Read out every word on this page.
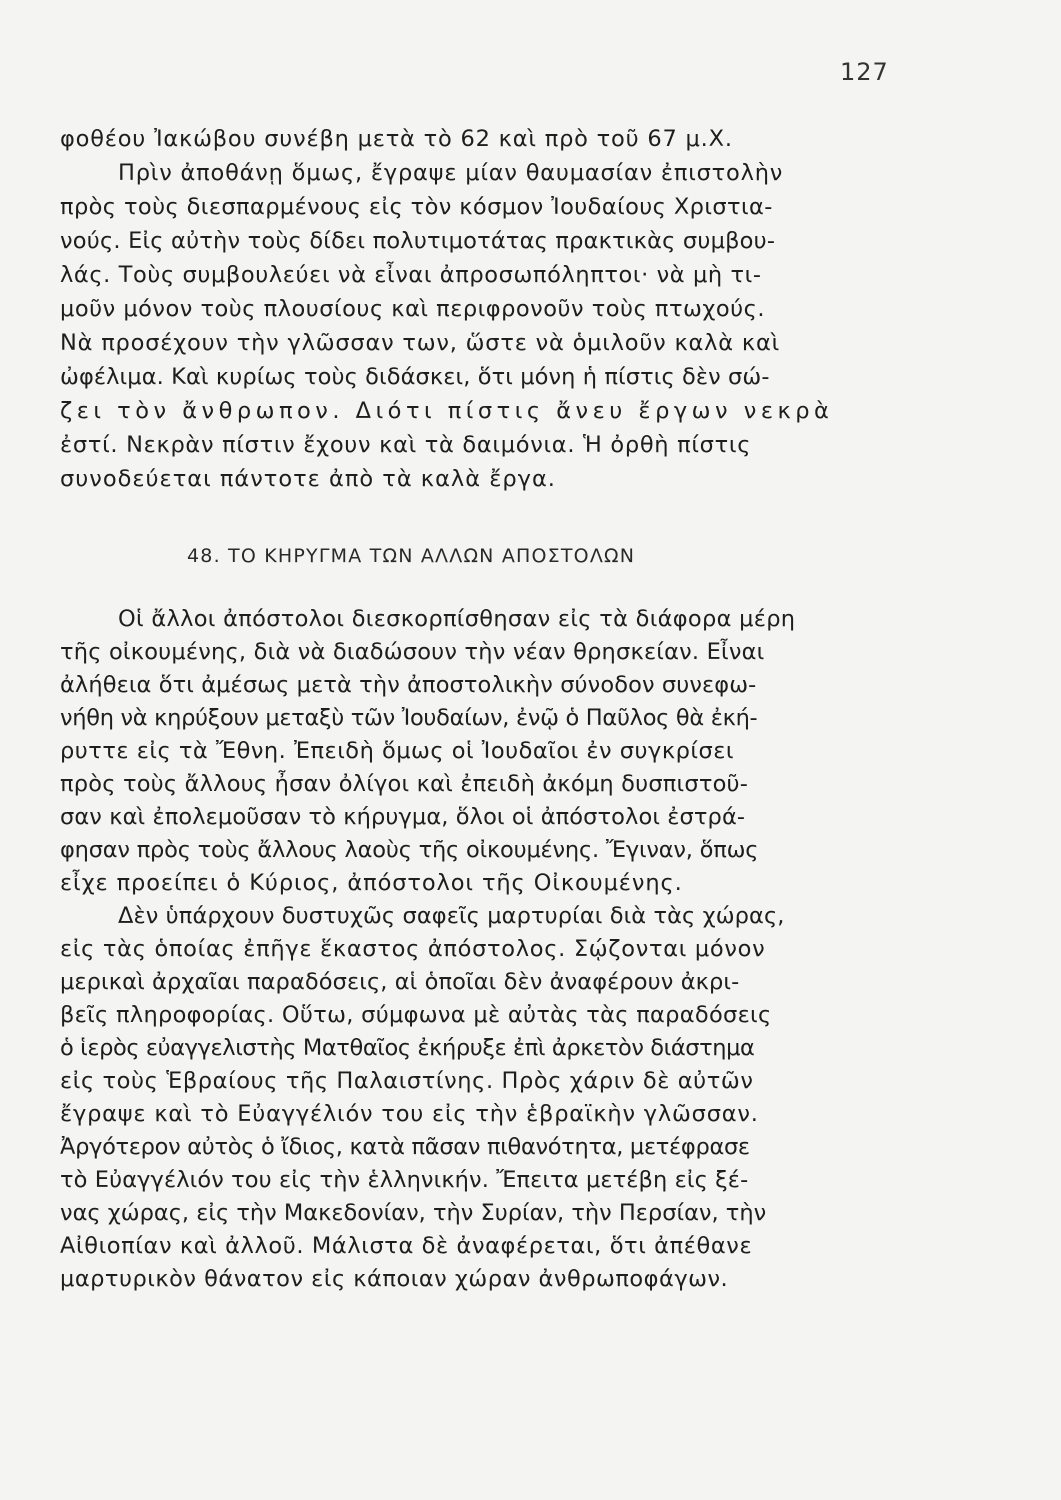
127
φοθέου Ἰακώβου συνέβη μετὰ τὸ 62 καὶ πρὸ τοῦ 67 μ.Χ.
Πρὶν ἀποθάνῃ ὅμως, ἔγραψε μίαν θαυμασίαν ἐπιστολὴν
πρὸς τοὺς διεσπαρμένους εἰς τὸν κόσμον Ἰουδαίους Χριστια-
νούς. Εἰς αὐτὴν τοὺς δίδει πολυτιμοτάτας πρακτικὰς συμβου-
λάς. Τοὺς συμβουλεύει νὰ εἶναι ἀπροσωπόληπτοι· νὰ μὴ τι-
μοῦν μόνον τοὺς πλουσίους καὶ περιφρονοῦν τοὺς πτωχούς.
Νὰ προσέχουν τὴν γλῶσσαν των, ὥστε νὰ ὁμιλοῦν καλὰ καὶ
ὠφέλιμα. Καὶ κυρίως τοὺς διδάσκει, ὅτι μόνη ἡ πίστις δὲν σώ-
ζει τὸν ἄνθρωπον. Διότι πίστις ἄνευ ἔργων νεκρὰ
ἐστί. Νεκρὰν πίστιν ἔχουν καὶ τὰ δαιμόνια. Ἡ ὀρθὴ πίστις
συνοδεύεται πάντοτε ἀπὸ τὰ καλὰ ἔργα.
48. ΤΟ ΚΗΡΥΓΜΑ ΤΩΝ ΑΛΛΩΝ ΑΠΟΣΤΟΛΩΝ
Οἱ ἄλλοι ἀπόστολοι διεσκορπίσθησαν εἰς τὰ διάφορα μέρη
τῆς οἰκουμένης, διὰ νὰ διαδώσουν τὴν νέαν θρησκείαν. Εἶναι
ἀλήθεια ὅτι ἀμέσως μετὰ τὴν ἀποστολικὴν σύνοδον συνεφω-
νήθη νὰ κηρύξουν μεταξὺ τῶν Ἰουδαίων, ἐνῷ ὁ Παῦλος θὰ ἐκή-
ρυττε εἰς τὰ Ἔθνη. Ἐπειδὴ ὅμως οἱ Ἰουδαῖοι ἐν συγκρίσει
πρὸς τοὺς ἄλλους ἦσαν ὀλίγοι καὶ ἐπειδὴ ἀκόμη δυσπιστοῦ-
σαν καὶ ἐπολεμοῦσαν τὸ κήρυγμα, ὅλοι οἱ ἀπόστολοι ἐστρά-
φησαν πρὸς τοὺς ἄλλους λαοὺς τῆς οἰκουμένης. Ἔγιναν, ὅπως
εἶχε προείπει ὁ Κύριος, ἀπόστολοι τῆς Οἰκουμένης.
Δὲν ὑπάρχουν δυστυχῶς σαφεῖς μαρτυρίαι διὰ τὰς χώρας,
εἰς τὰς ὁποίας ἐπῆγε ἕκαστος ἀπόστολος. Σῴζονται μόνον
μερικαὶ ἀρχαῖαι παραδόσεις, αἱ ὁποῖαι δὲν ἀναφέρουν ἀκρι-
βεῖς πληροφορίας. Οὕτω, σύμφωνα μὲ αὐτὰς τὰς παραδόσεις
ὁ ἱερὸς εὐαγγελιστὴς Ματθαῖος ἐκήρυξε ἐπὶ ἀρκετὸν διάστημα
εἰς τοὺς Ἑβραίους τῆς Παλαιστίνης. Πρὸς χάριν δὲ αὐτῶν
ἔγραψε καὶ τὸ Εὐαγγέλιόν του εἰς τὴν ἑβραϊκὴν γλῶσσαν.
Ἀργότερον αὐτὸς ὁ ἴδιος, κατὰ πᾶσαν πιθανότητα, μετέφρασε
τὸ Εὐαγγέλιόν του εἰς τὴν ἑλληνικήν. Ἔπειτα μετέβη εἰς ξέ-
νας χώρας, εἰς τὴν Μακεδονίαν, τὴν Συρίαν, τὴν Περσίαν, τὴν
Αἰθιοπίαν καὶ ἀλλοῦ. Μάλιστα δὲ ἀναφέρεται, ὅτι ἀπέθανε
μαρτυρικὸν θάνατον εἰς κάποιαν χώραν ἀνθρωποφάγων.
